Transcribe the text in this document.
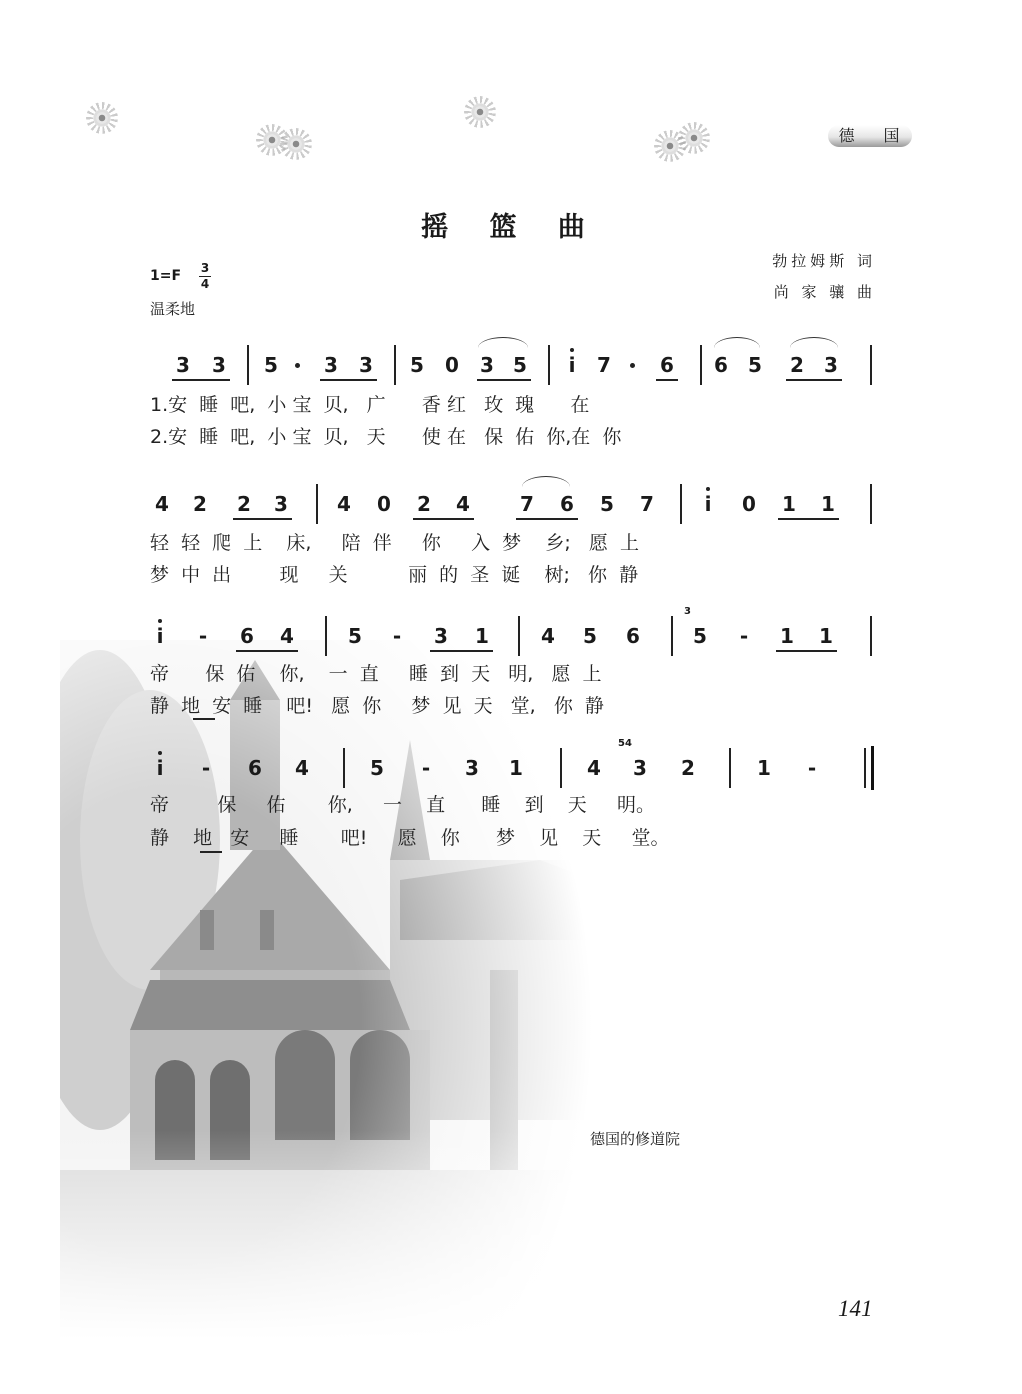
德 国
摇 篮 曲
勃拉姆斯 词
尚 家 骧 曲
1=F 3
4
温柔地
3 3 5 3 3 5 0 3 5	i	7 6 6 5 2 3
1.安  睡  吧,  小 宝  贝,   广      香 红   玫  瑰      在
2.安  睡  吧,  小 宝  贝,   天      使 在   保  佑  你,在  你
4 2 2 3 4 0 2 4	7 6 5 7	i	0 1 1
轻  轻  爬  上    床,     陪  伴     你     入  梦    乡;   愿  上
梦  中  出        现     关          丽  的  圣  诞    树;   你  静
i	-	6 4	5	-	3 1	4 5 6
3
5	-	1 1
帝      保  佑    你,    一  直     睡  到  天   明,   愿  上
静  地  安  睡    吧!   愿  你     梦  见  天   堂,   你  静
i	-	6 4	5	-	3 1	4
54
3 2	1	-
帝        保     佑       你,     一    直      睡    到    天     明。
静    地   安     睡       吧!     愿    你      梦    见    天     堂。
德国的修道院
141
